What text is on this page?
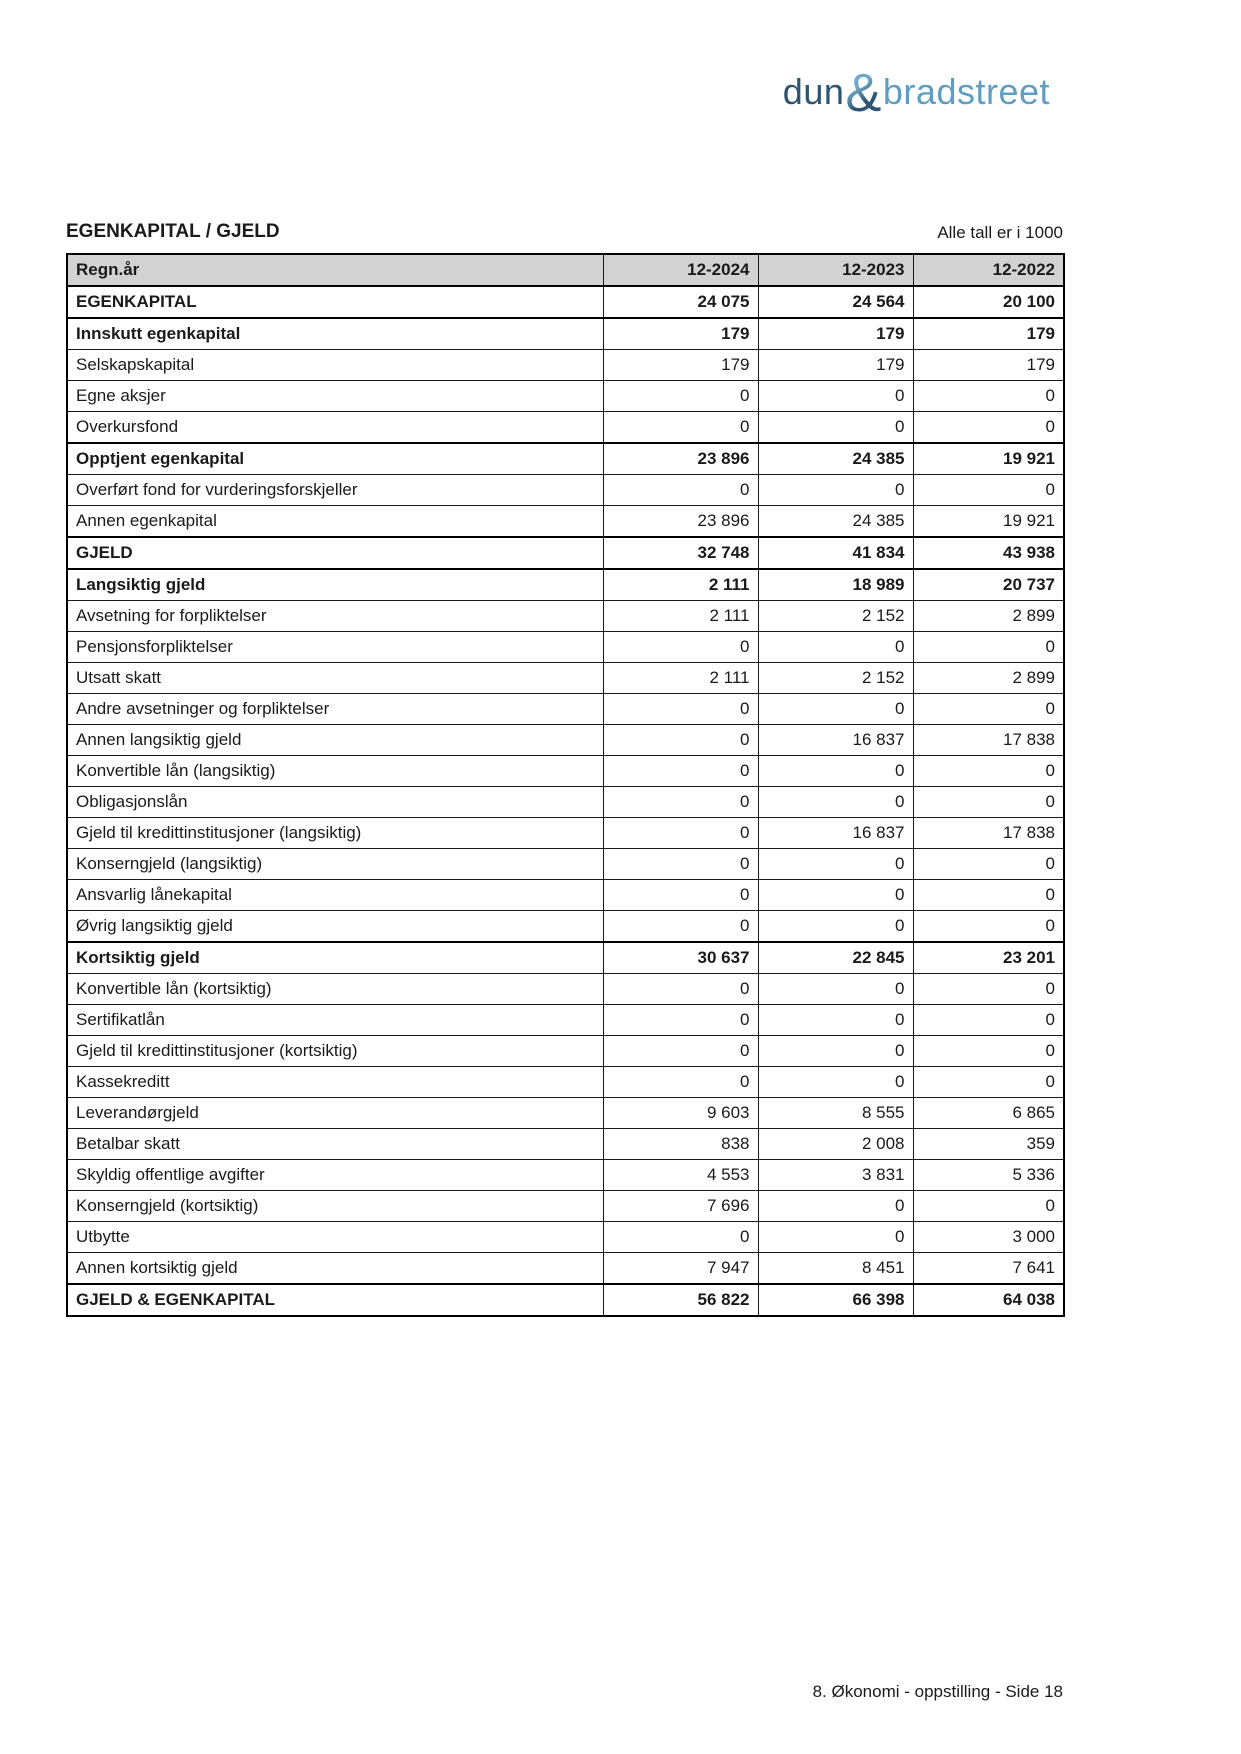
dun&bradstreet
EGENKAPITAL / GJELD	Alle tall er i 1000
Regn.år	12-2024	12-2023	12-2022
EGENKAPITAL	24 075	24 564	20 100
Innskutt egenkapital	179	179	179
Selskapskapital	179	179	179
Egne aksjer	0	0	0
Overkursfond	0	0	0
Opptjent egenkapital	23 896	24 385	19 921
Overført fond for vurderingsforskjeller	0	0	0
Annen egenkapital	23 896	24 385	19 921
GJELD	32 748	41 834	43 938
Langsiktig gjeld	2 111	18 989	20 737
Avsetning for forpliktelser	2 111	2 152	2 899
Pensjonsforpliktelser	0	0	0
Utsatt skatt	2 111	2 152	2 899
Andre avsetninger og forpliktelser	0	0	0
Annen langsiktig gjeld	0	16 837	17 838
Konvertible lån (langsiktig)	0	0	0
Obligasjonslån	0	0	0
Gjeld til kredittinstitusjoner (langsiktig)	0	16 837	17 838
Konserngjeld (langsiktig)	0	0	0
Ansvarlig lånekapital	0	0	0
Øvrig langsiktig gjeld	0	0	0
Kortsiktig gjeld	30 637	22 845	23 201
Konvertible lån (kortsiktig)	0	0	0
Sertifikatlån	0	0	0
Gjeld til kredittinstitusjoner (kortsiktig)	0	0	0
Kassekreditt	0	0	0
Leverandørgjeld	9 603	8 555	6 865
Betalbar skatt	838	2 008	359
Skyldig offentlige avgifter	4 553	3 831	5 336
Konserngjeld (kortsiktig)	7 696	0	0
Utbytte	0	0	3 000
Annen kortsiktig gjeld	7 947	8 451	7 641
GJELD & EGENKAPITAL	56 822	66 398	64 038
8. Økonomi - oppstilling - Side 18
